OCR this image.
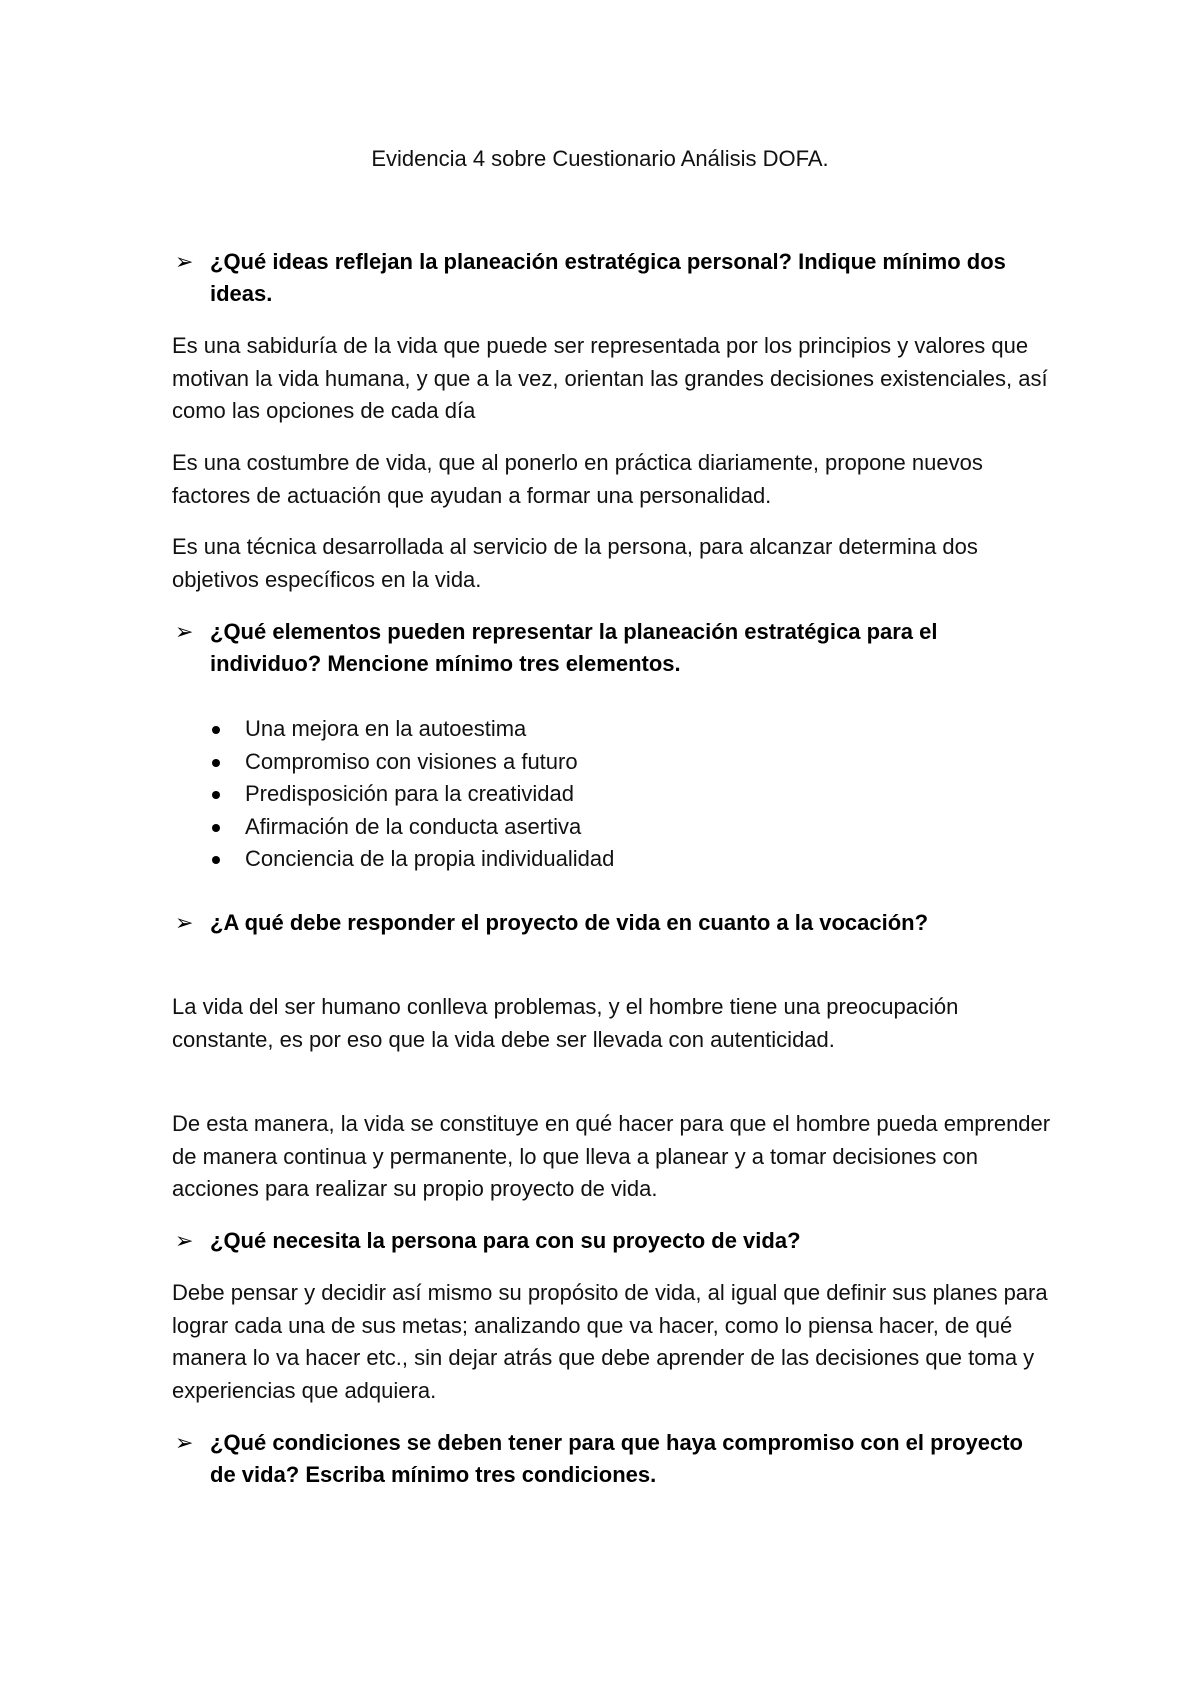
Evidencia 4 sobre Cuestionario Análisis DOFA.
➢ ¿Qué ideas reflejan la planeación estratégica personal? Indique mínimo dos ideas.

Es una sabiduría de la vida que puede ser representada por los principios y valores que motivan la vida humana, y que a la vez, orientan las grandes decisiones existenciales, así como las opciones de cada día

Es una costumbre de vida, que al ponerlo en práctica diariamente, propone nuevos factores de actuación que ayudan a formar una personalidad.

Es una técnica desarrollada al servicio de la persona, para alcanzar determina dos objetivos específicos en la vida.

➢ ¿Qué elementos pueden representar la planeación estratégica para el individuo? Mencione mínimo tres elementos.
Una mejora en la autoestima
Compromiso con visiones a futuro
Predisposición para la creatividad
Afirmación de la conducta asertiva
Conciencia de la propia individualidad
➢ ¿A qué debe responder el proyecto de vida en cuanto a la vocación?

La vida del ser humano conlleva problemas, y el hombre tiene una preocupación constante, es por eso que la vida debe ser llevada con autenticidad.

De esta manera, la vida se constituye en qué hacer para que el hombre pueda emprender de manera continua y permanente, lo que lleva a planear y a tomar decisiones con acciones para realizar su propio proyecto de vida.

➢ ¿Qué necesita la persona para con su proyecto de vida?

Debe pensar y decidir así mismo su propósito de vida, al igual que definir sus planes para lograr cada una de sus metas; analizando que va hacer, como lo piensa hacer, de qué manera lo va hacer etc., sin dejar atrás que debe aprender de las decisiones que toma y experiencias que adquiera.

➢ ¿Qué condiciones se deben tener para que haya compromiso con el proyecto de vida? Escriba mínimo tres condiciones.
